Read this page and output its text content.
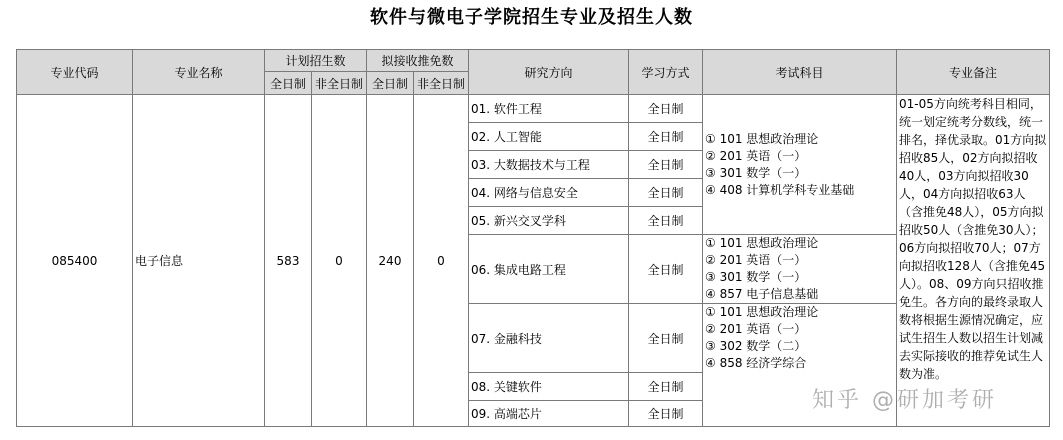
软件与微电子学院招生专业及招生人数
专业代码	专业名称	计划招生数		拟接收推免数		研究方向	学习方式	考试科目	专业备注
		全日制	非全日制	全日制	非全日制				
085400	电子信息	583	0	240	0	01. 软件工程	全日制	① 101 思想政治理论
② 201 英语（一）
③ 301 数学（一）
④ 408 计算机学科专业基础	01-05方向统考科目相同，统一划定统考分数线，统一排名，择优录取。01方向拟招收85人，02方向拟招收40人，03方向拟招收30人，04方向拟招收63人（含推免48人），05方向拟招收50人（含推免30人）；06方向拟招收70人；07方向拟招收128人（含推免45人）。08、09方向只招收推免生。各方向的最终录取人数将根据生源情况确定，应试生招生人数以招生计划减去实际接收的推荐免试生人数为准。

						02. 人工智能	全日制		
						03. 大数据技术与工程	全日制		
						04. 网络与信息安全	全日制		
						05. 新兴交叉学科	全日制		
						06. 集成电路工程	全日制	① 101 思想政治理论
② 201 英语（一）
③ 301 数学（一）
④ 857 电子信息基础	

						07. 金融科技	全日制	① 101 思想政治理论
② 201 英语（一）
③ 302 数学（二）
④ 858 经济学综合	

						08. 关键软件	全日制		
						09. 高端芯片	全日制		
知乎 @研加考研
